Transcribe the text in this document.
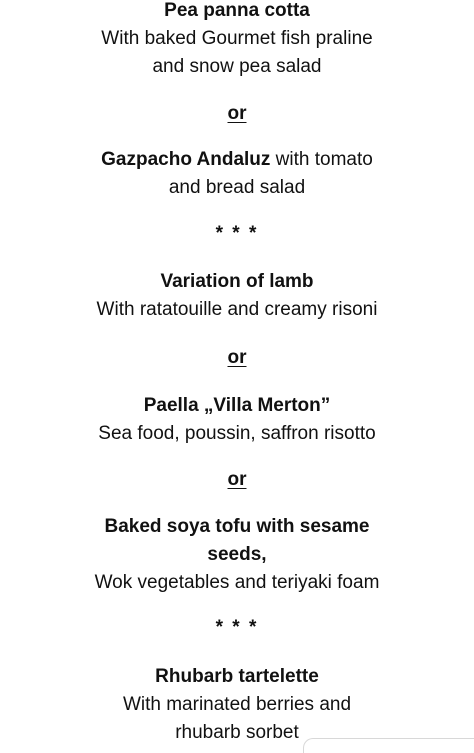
Pea panna cotta
With baked Gourmet fish praline
and snow pea salad
or
Gazpacho Andaluz with tomato
and bread salad
* * *
Variation of lamb
With ratatouille and creamy risoni
or
Paella „Villa Merton”
Sea food, poussin, saffron risotto
or
Baked soya tofu with sesame
seeds,
Wok vegetables and teriyaki foam
* * *
Rhubarb tartelette
With marinated berries and
rhubarb sorbet
